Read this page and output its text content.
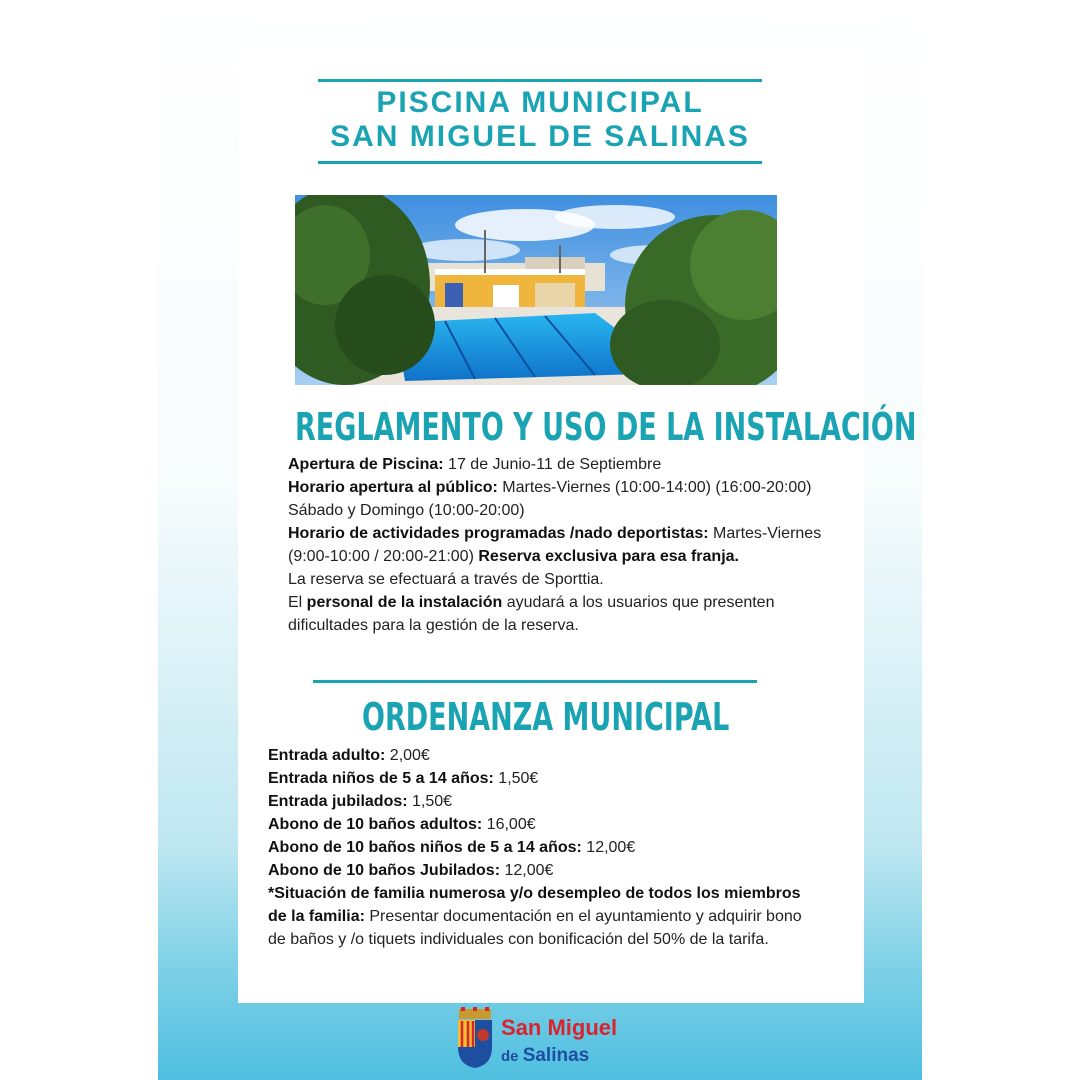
PISCINA MUNICIPAL
SAN MIGUEL DE SALINAS
REGLAMENTO Y USO DE LA INSTALACIÓN
Apertura de Piscina: 17 de Junio-11 de Septiembre
Horario apertura al público: Martes-Viernes (10:00-14:00) (16:00-20:00) Sábado y Domingo (10:00-20:00)
Horario de actividades programadas /nado deportistas: Martes-Viernes (9:00-10:00 / 20:00-21:00) Reserva exclusiva para esa franja.
La reserva se efectuará a través de Sporttia.
El personal de la instalación ayudará a los usuarios que presenten dificultades para la gestión de la reserva.
ORDENANZA MUNICIPAL
Entrada adulto: 2,00€
Entrada niños de 5 a 14 años: 1,50€
Entrada jubilados: 1,50€
Abono de 10 baños adultos: 16,00€
Abono de 10 baños niños de 5 a 14 años: 12,00€
Abono de 10 baños Jubilados: 12,00€
*Situación de familia numerosa y/o desempleo de todos los miembros de la familia: Presentar documentación en el ayuntamiento y adquirir bono de baños y /o tiquets individuales con bonificación del 50% de la tarifa.
San Miguel
de Salinas
